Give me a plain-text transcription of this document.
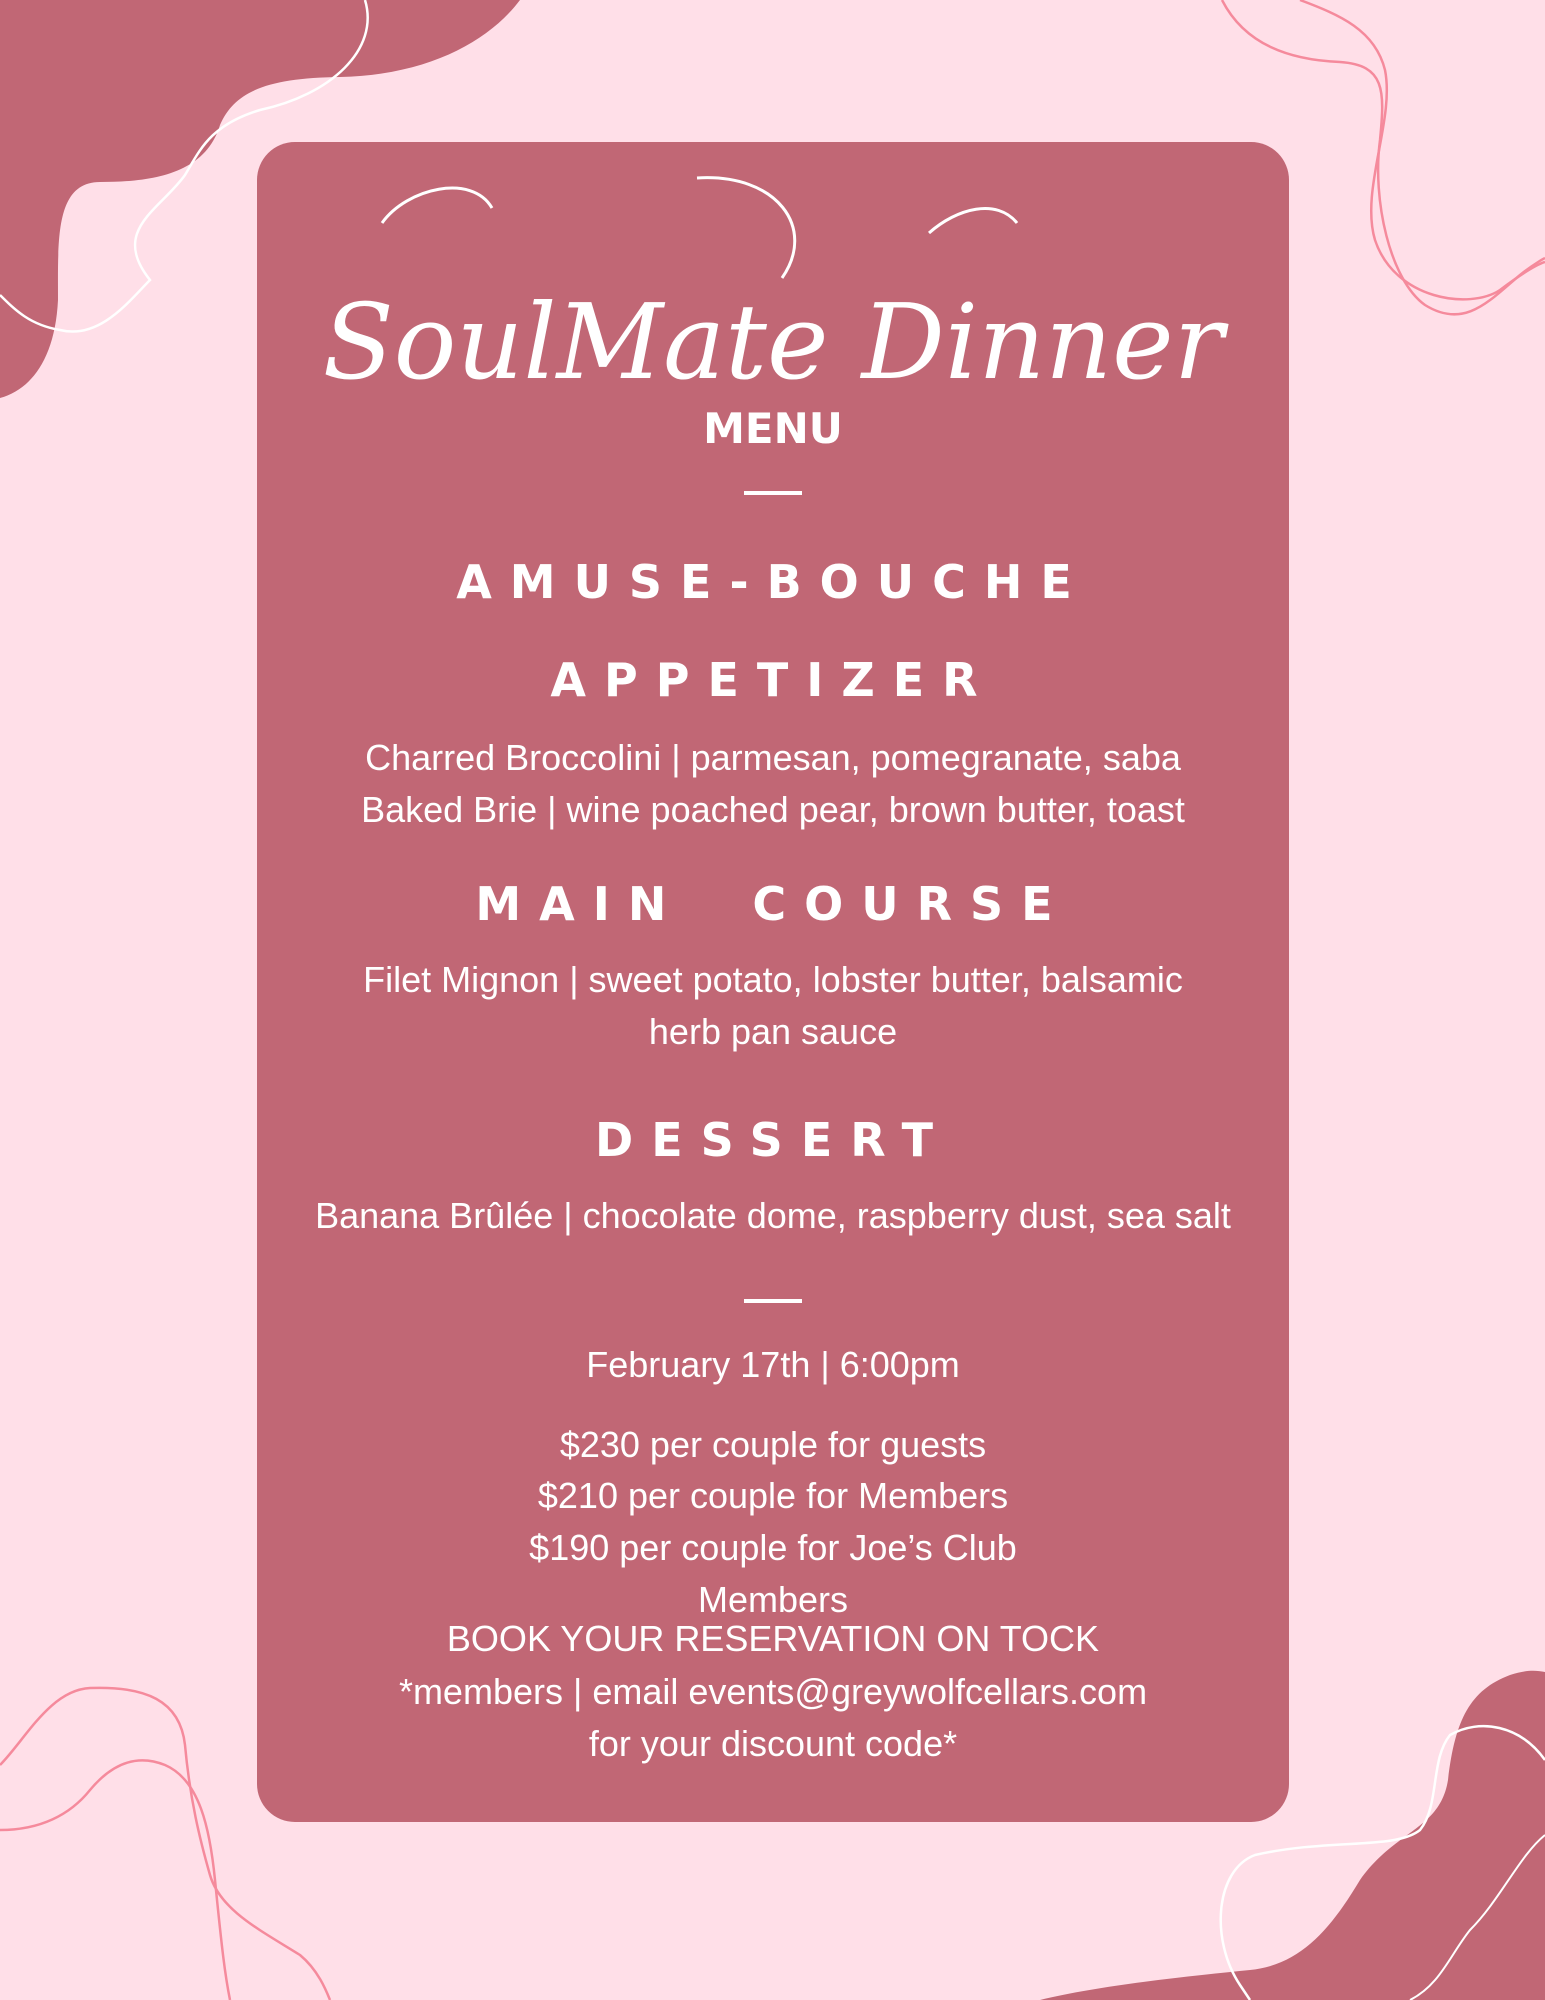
SoulMate Dinner
MENU
AMUSE-BOUCHE
APPETIZER
Charred Broccolini | parmesan, pomegranate, saba
Baked Brie | wine poached pear, brown butter, toast
MAIN  COURSE
Filet Mignon | sweet potato, lobster butter, balsamic
herb pan sauce
DESSERT
Banana Brûlée | chocolate dome, raspberry dust, sea salt
February 17th | 6:00pm
$230 per couple for guests
$210 per couple for Members
$190 per couple for Joe’s Club
Members
BOOK YOUR RESERVATION ON TOCK
*members | email events@greywolfcellars.com
for your discount code*
